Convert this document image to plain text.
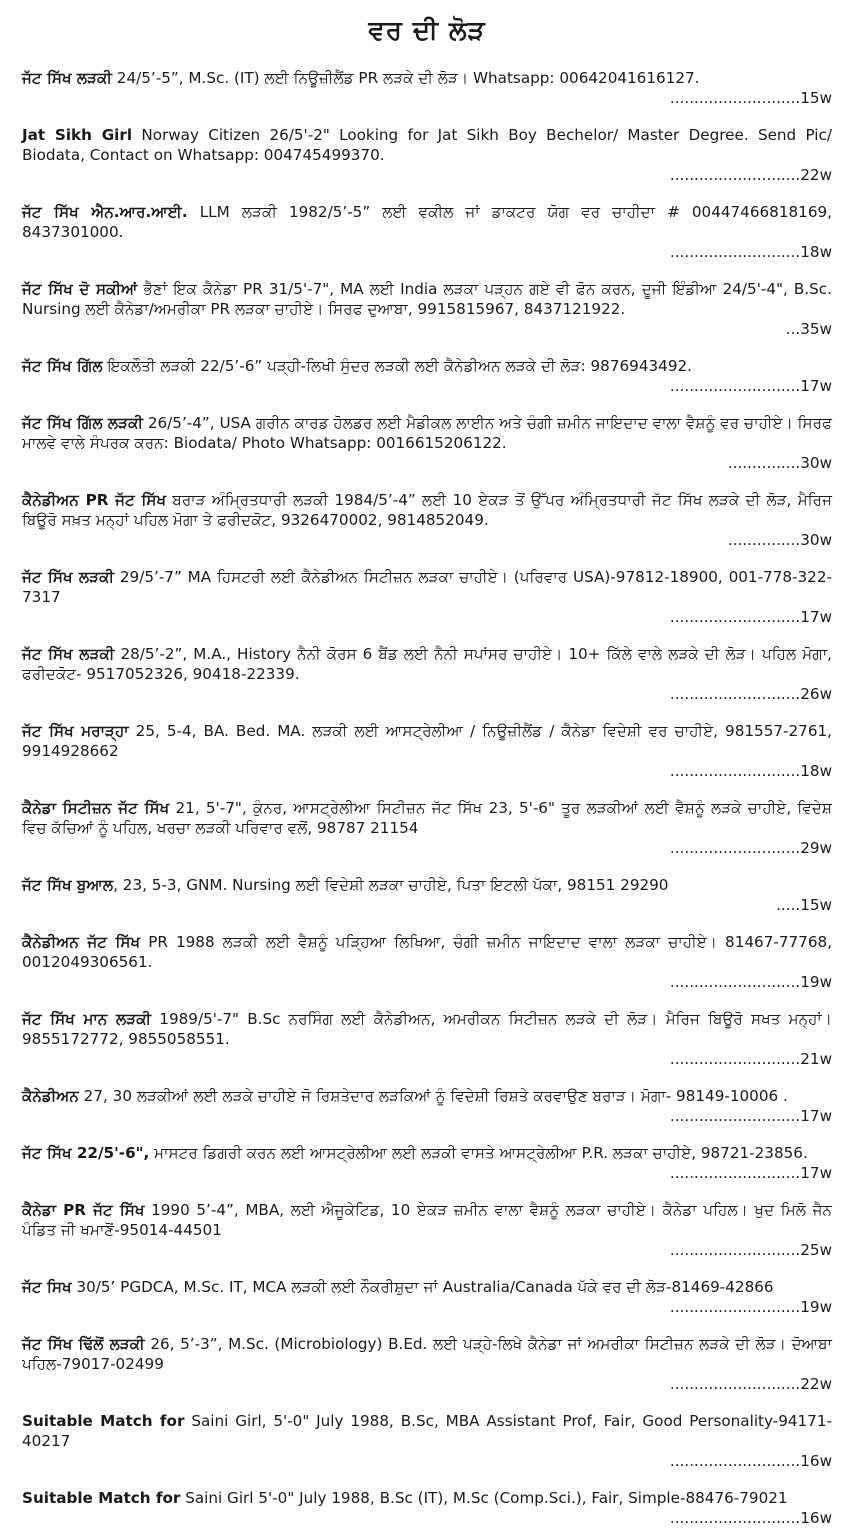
ਵਰ ਦੀ ਲੋੜ

ਜੱਟ ਸਿੱਖ ਲੜਕੀ 24/5’-5”, M.Sc. (IT) ਲਈ ਨਿਊਜ਼ੀਲੈਂਡ PR ਲੜਕੇ ਦੀ ਲੋੜ। Whatsapp: 00642041616127.

...........................15w

Jat Sikh Girl Norway Citizen 26/5'-2" Looking for Jat Sikh Boy Bechelor/ Master Degree. Send Pic/ Biodata, Contact on Whatsapp: 004745499370.

...........................22w

ਜੱਟ ਸਿੱਖ ਐਨ.ਆਰ.ਆਈ. LLM ਲੜਕੀ 1982/5’-5” ਲਈ ਵਕੀਲ ਜਾਂ ਡਾਕਟਰ ਯੋਗ ਵਰ ਚਾਹੀਦਾ # 00447466818169, 8437301000.

...........................18w

ਜੱਟ ਸਿੱਖ ਦੋ ਸਕੀਆਂ ਭੈਣਾਂ ਇਕ ਕੈਨੇਡਾ PR 31/5'-7", MA ਲਈ India ਲੜਕਾ ਪੜ੍ਹਨ ਗਏ ਵੀ ਫੋਨ ਕਰਨ, ਦੂਜੀ ਇੰਡੀਆ 24/5'-4", B.Sc. Nursing ਲਈ ਕੈਨੇਡਾ/ਅਮਰੀਕਾ PR ਲੜਕਾ ਚਾਹੀਏ। ਸਿਰਫ ਦੁਆਬਾ, 9915815967, 8437121922.

...35w

ਜੱਟ ਸਿੱਖ ਗਿੱਲ ਇਕਲੌਤੀ ਲੜਕੀ 22/5’-6” ਪੜ੍ਹੀ-ਲਿਖੀ ਸੁੰਦਰ ਲੜਕੀ ਲਈ ਕੈਨੇਡੀਅਨ ਲੜਕੇ ਦੀ ਲੋੜ: 9876943492.

...........................17w

ਜੱਟ ਸਿੱਖ ਗਿੱਲ ਲੜਕੀ 26/5’-4”, USA ਗਰੀਨ ਕਾਰਡ ਹੋਲਡਰ ਲਈ ਮੈਡੀਕਲ ਲਾਈਨ ਅਤੇ ਚੰਗੀ ਜ਼ਮੀਨ ਜਾਇਦਾਦ ਵਾਲਾ ਵੈਸ਼ਨੂੰ ਵਰ ਚਾਹੀਏ। ਸਿਰਫ ਮਾਲਵੇ ਵਾਲੇ ਸੰਪਰਕ ਕਰਨ: Biodata/ Photo Whatsapp: 0016615206122.

...............30w

ਕੈਨੇਡੀਅਨ PR ਜੱਟ ਸਿੱਖ ਬਰਾੜ ਅੰਮ੍ਰਿਤਧਾਰੀ ਲੜਕੀ 1984/5’-4” ਲਈ 10 ਏਕੜ ਤੋਂ ਉੱਪਰ ਅੰਮ੍ਰਿਤਧਾਰੀ ਜੱਟ ਸਿੱਖ ਲੜਕੇ ਦੀ ਲੋੜ, ਮੈਰਿਜ ਬਿਊਰੋ ਸਖ਼ਤ ਮਨ੍ਹਾਂ ਪਹਿਲ ਮੋਗਾ ਤੇ ਫਰੀਦਕੋਟ, 9326470002, 9814852049.

...............30w

ਜੱਟ ਸਿੱਖ ਲੜਕੀ 29/5’-7” MA ਹਿਸਟਰੀ ਲਈ ਕੈਨੇਡੀਅਨ ਸਿਟੀਜ਼ਨ ਲੜਕਾ ਚਾਹੀਏ। (ਪਰਿਵਾਰ USA)-97812-18900, 001-778-322-7317

...........................17w

ਜੱਟ ਸਿੱਖ ਲੜਕੀ 28/5’-2”, M.A., History ਨੈਨੀ ਕੋਰਸ 6 ਬੈਂਡ ਲਈ ਨੈਨੀ ਸਪਾਂਸਰ ਚਾਹੀਏ। 10+ ਕਿੱਲੇ ਵਾਲੇ ਲੜਕੇ ਦੀ ਲੋੜ। ਪਹਿਲ ਮੋਗਾ, ਫਰੀਦਕੋਟ- 9517052326, 90418-22339.

...........................26w

ਜੱਟ ਸਿੱਖ ਮਰਾੜ੍ਹਾ 25, 5-4, BA. Bed. MA. ਲੜਕੀ ਲਈ ਆਸਟ੍ਰੇਲੀਆ / ਨਿਊਜ਼ੀਲੈਂਡ / ਕੈਨੇਡਾ ਵਿਦੇਸ਼ੀ ਵਰ ਚਾਹੀਏ, 981557-2761, 9914928662

...........................18w

ਕੈਨੇਡਾ ਸਿਟੀਜ਼ਨ ਜੱਟ ਸਿੱਖ 21, 5'-7", ਕੁੰਨਰ, ਆਸਟ੍ਰੇਲੀਆ ਸਿਟੀਜ਼ਨ ਜੱਟ ਸਿੱਖ 23, 5'-6" ਤੂਰ ਲੜਕੀਆਂ ਲਈ ਵੈਸ਼ਨੂੰ ਲੜਕੇ ਚਾਹੀਏ, ਵਿਦੇਸ਼ ਵਿਚ ਕੱਚਿਆਂ ਨੂੰ ਪਹਿਲ, ਖਰਚਾ ਲੜਕੀ ਪਰਿਵਾਰ ਵਲੋਂ, 98787 21154

...........................29w

ਜੱਟ ਸਿੱਖ ਬੁਆਲ, 23, 5-3, GNM. Nursing ਲਈ ਵਿਦੇਸ਼ੀ ਲੜਕਾ ਚਾਹੀਏ, ਪਿਤਾ ਇਟਲੀ ਪੱਕਾ, 98151 29290

.....15w

ਕੈਨੇਡੀਅਨ ਜੱਟ ਸਿੱਖ PR 1988 ਲੜਕੀ ਲਈ ਵੈਸ਼ਨੂੰ ਪੜ੍ਹਿਆ ਲਿਖਿਆ, ਚੰਗੀ ਜ਼ਮੀਨ ਜਾਇਦਾਦ ਵਾਲਾ ਲੜਕਾ ਚਾਹੀਏ। 81467-77768, 0012049306561.

...........................19w

ਜੱਟ ਸਿੱਖ ਮਾਨ ਲੜਕੀ 1989/5'-7" B.Sc ਨਰਸਿੰਗ ਲਈ ਕੈਨੇਡੀਅਨ, ਅਮਰੀਕਨ ਸਿਟੀਜ਼ਨ ਲੜਕੇ ਦੀ ਲੋੜ। ਮੈਰਿਜ ਬਿਊਰੋ ਸਖਤ ਮਨ੍ਹਾਂ। 9855172772, 9855058551.

...........................21w

ਕੈਨੇਡੀਅਨ 27, 30 ਲੜਕੀਆਂ ਲਈ ਲੜਕੇ ਚਾਹੀਏ ਜੋ ਰਿਸ਼ਤੇਦਾਰ ਲੜਕਿਆਂ ਨੂੰ ਵਿਦੇਸ਼ੀ ਰਿਸ਼ਤੇ ਕਰਵਾਉਣ ਬਰਾੜ। ਮੋਗਾ- 98149-10006 .

...........................17w

ਜੱਟ ਸਿੱਖ 22/5'-6", ਮਾਸਟਰ ਡਿਗਰੀ ਕਰਨ ਲਈ ਆਸਟ੍ਰੇਲੀਆ ਲਈ ਲੜਕੀ ਵਾਸਤੇ ਆਸਟ੍ਰੇਲੀਆ P.R. ਲੜਕਾ ਚਾਹੀਏ, 98721-23856.

...........................17w

ਕੈਨੇਡਾ PR ਜੱਟ ਸਿੱਖ 1990 5’-4”, MBA, ਲਈ ਐਜੂਕੇਟਿਡ, 10 ਏਕੜ ਜ਼ਮੀਨ ਵਾਲਾ ਵੈਸ਼ਨੂੰ ਲੜਕਾ ਚਾਹੀਏ। ਕੈਨੇਡਾ ਪਹਿਲ। ਖੁਦ ਮਿਲੋ ਜੈਨ ਪੰਡਿਤ ਜੀ ਖਮਾਣੋਂ-95014-44501

...........................25w

ਜੱਟ ਸਿਖ 30/5’ PGDCA, M.Sc. IT, MCA ਲੜਕੀ ਲਈ ਨੌਕਰੀਸ਼ੁਦਾ ਜਾਂ Australia/Canada ਪੱਕੇ ਵਰ ਦੀ ਲੋੜ-81469-42866

...........................19w

ਜੱਟ ਸਿੱਖ ਢਿੱਲੋਂ ਲੜਕੀ 26, 5’-3”, M.Sc. (Microbiology) B.Ed. ਲਈ ਪੜ੍ਹੇ-ਲਿਖੇ ਕੈਨੇਡਾ ਜਾਂ ਅਮਰੀਕਾ ਸਿਟੀਜ਼ਨ ਲੜਕੇ ਦੀ ਲੋੜ। ਦੋਆਬਾ ਪਹਿਲ-79017-02499

...........................22w

Suitable Match for Saini Girl, 5'-0" July 1988, B.Sc, MBA Assistant Prof, Fair, Good Personality-94171-40217

...........................16w

Suitable Match for Saini Girl 5'-0" July 1988, B.Sc (IT), M.Sc (Comp.Sci.), Fair, Simple-88476-79021

...........................16w
